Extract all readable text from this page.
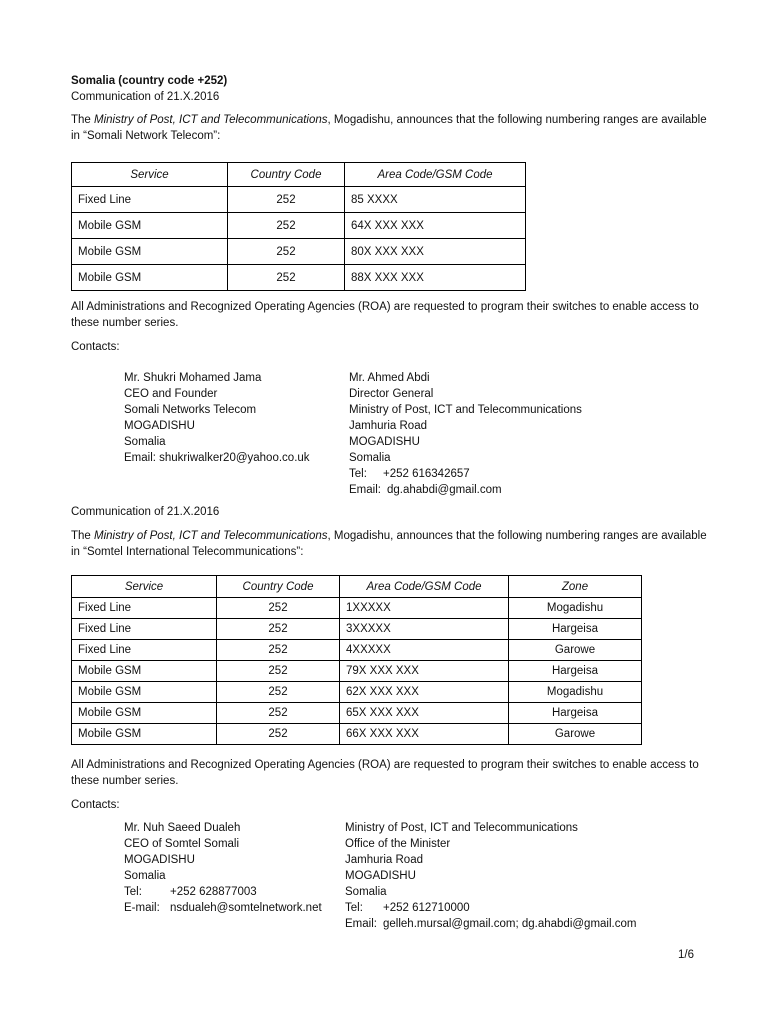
Somalia (country code +252)
Communication of 21.X.2016
The Ministry of Post, ICT and Telecommunications, Mogadishu, announces that the following numbering ranges are available in “Somali Network Telecom”:
Service	Country Code	Area Code/GSM Code
Fixed Line	252	85 XXXX
Mobile GSM	252	64X XXX XXX
Mobile GSM	252	80X XXX XXX
Mobile GSM	252	88X XXX XXX
All Administrations and Recognized Operating Agencies (ROA) are requested to program their switches to enable access to these number series.
Contacts:
Mr. Shukri Mohamed Jama
CEO and Founder
Somali Networks Telecom
MOGADISHU
Somalia
Email: shukriwalker20@yahoo.co.uk
Mr. Ahmed Abdi
Director General
Ministry of Post, ICT and Telecommunications
Jamhuria Road
MOGADISHU
Somalia
Tel: +252 616342657
Email: dg.ahabdi@gmail.com
Communication of 21.X.2016
The Ministry of Post, ICT and Telecommunications, Mogadishu, announces that the following numbering ranges are available in “Somtel International Telecommunications”:
Service	Country Code	Area Code/GSM Code	Zone
Fixed Line	252	1XXXXX	Mogadishu
Fixed Line	252	3XXXXX	Hargeisa
Fixed Line	252	4XXXXX	Garowe
Mobile GSM	252	79X XXX XXX	Hargeisa
Mobile GSM	252	62X XXX XXX	Mogadishu
Mobile GSM	252	65X XXX XXX	Hargeisa
Mobile GSM	252	66X XXX XXX	Garowe
All Administrations and Recognized Operating Agencies (ROA) are requested to program their switches to enable access to these number series.
Contacts:
Mr. Nuh Saeed Dualeh
CEO of Somtel Somali
MOGADISHU
Somalia
Tel: +252 628877003
E-mail: nsdualeh@somtelnetwork.net
Ministry of Post, ICT and Telecommunications
Office of the Minister
Jamhuria Road
MOGADISHU
Somalia
Tel: +252 612710000
Email: gelleh.mursal@gmail.com; dg.ahabdi@gmail.com
1/6
